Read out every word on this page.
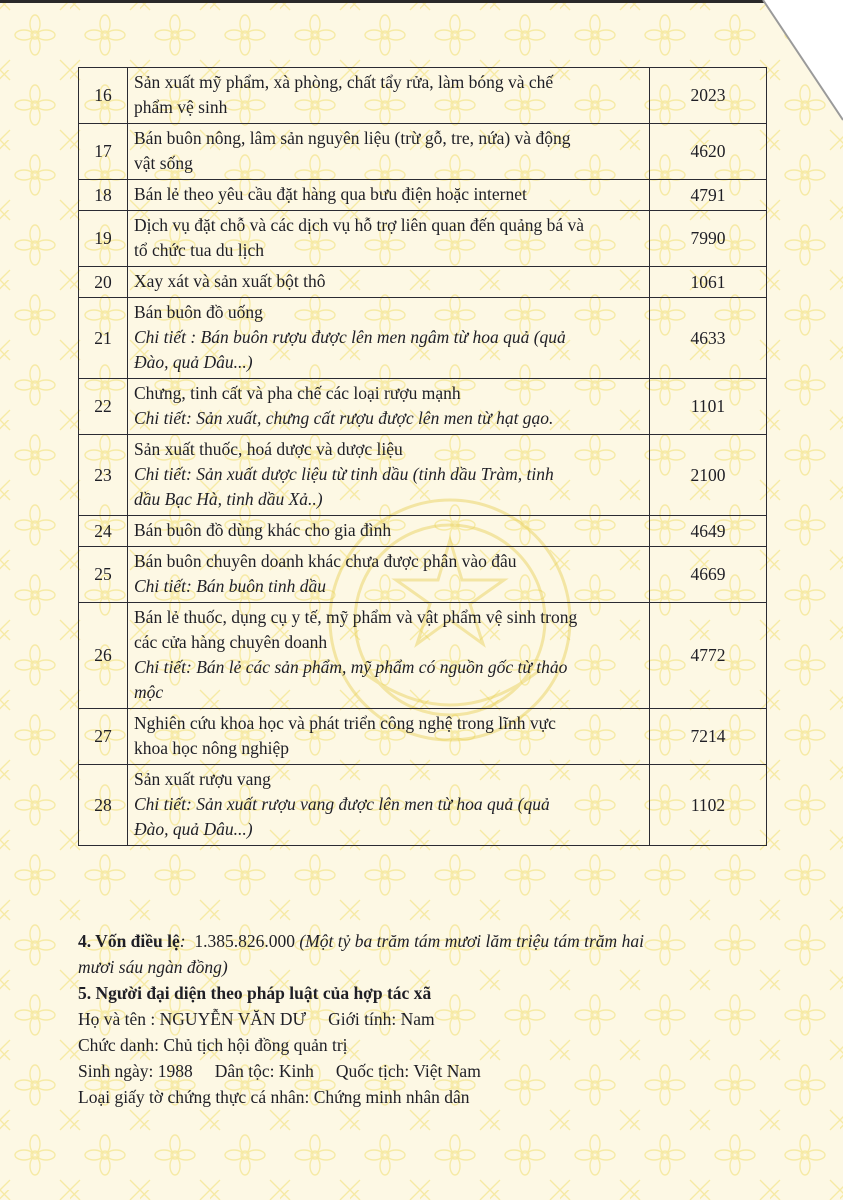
16	Sản xuất mỹ phẩm, xà phòng, chất tẩy rửa, làm bóng và chế
phẩm vệ sinh	2023
17	Bán buôn nông, lâm sản nguyên liệu (trừ gỗ, tre, nứa) và động
vật sống	4620
18	Bán lẻ theo yêu cầu đặt hàng qua bưu điện hoặc internet	4791
19	Dịch vụ đặt chỗ và các dịch vụ hỗ trợ liên quan đến quảng bá và
tổ chức tua du lịch	7990
20	Xay xát và sản xuất bột thô	1061
21	Bán buôn đồ uống
Chi tiết : Bán buôn rượu được lên men ngâm từ hoa quả (quả
Đào, quả Dâu...)	4633
22	Chưng, tinh cất và pha chế các loại rượu mạnh
Chi tiết: Sản xuất, chưng cất rượu được lên men từ hạt gạo.	1101
23	Sản xuất thuốc, hoá dược và dược liệu
Chi tiết: Sản xuất dược liệu từ tinh dầu (tinh dầu Tràm, tinh
dầu Bạc Hà, tinh dầu Xả..)	2100
24	Bán buôn đồ dùng khác cho gia đình	4649
25	Bán buôn chuyên doanh khác chưa được phân vào đâu
Chi tiết: Bán buôn tinh dầu	4669
26	Bán lẻ thuốc, dụng cụ y tế, mỹ phẩm và vật phẩm vệ sinh trong
các cửa hàng chuyên doanh
Chi tiết: Bán lẻ các sản phẩm, mỹ phẩm có nguồn gốc từ thảo
mộc	4772
27	Nghiên cứu khoa học và phát triển công nghệ trong lĩnh vực
khoa học nông nghiệp	7214
28	Sản xuất rượu vang
Chi tiết: Sản xuất rượu vang được lên men từ hoa quả (quả
Đào, quả Dâu...)	1102
4. Vốn điều lệ: 1.385.826.000 (Một tỷ ba trăm tám mươi lăm triệu tám trăm hai
mươi sáu ngàn đồng)
5. Người đại diện theo pháp luật của hợp tác xã
Họ và tên : NGUYỄN VĂN DƯ Giới tính: Nam
Chức danh: Chủ tịch hội đồng quản trị
Sinh ngày: 1988 Dân tộc: Kinh Quốc tịch: Việt Nam
Loại giấy tờ chứng thực cá nhân: Chứng minh nhân dân
